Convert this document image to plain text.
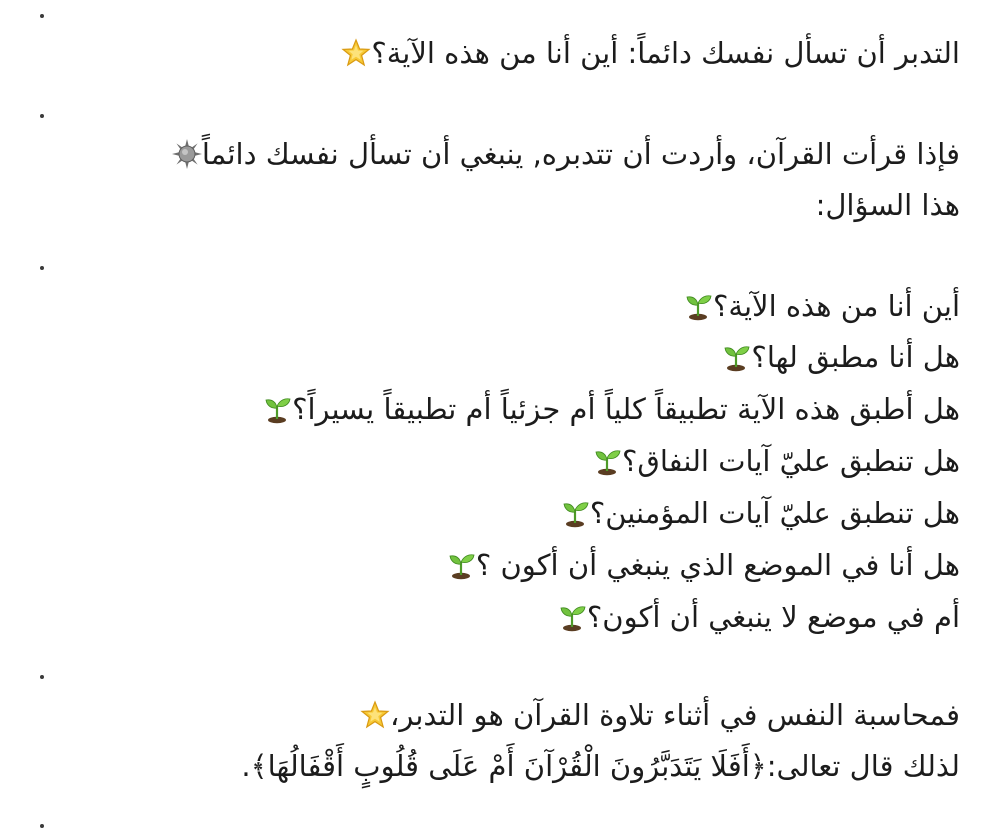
التدبر أن تسأل نفسك دائماً: أين أنا من هذه الآية؟
فإذا قرأت القرآن، وأردت أن تتدبره, ينبغي أن تسأل نفسك دائماً
هذا السؤال:
أين أنا من هذه الآية؟
هل أنا مطبق لها؟
هل أطبق هذه الآية تطبيقاً كلياً أم جزئياً أم تطبيقاً يسيراً؟
هل تنطبق عليّ آيات النفاق؟
هل تنطبق عليّ آيات المؤمنين؟
هل أنا في الموضع الذي ينبغي أن أكون ؟
أم في موضع لا ينبغي أن أكون؟
فمحاسبة النفس في أثناء تلاوة القرآن هو التدبر،
لذلك قال تعالى:﴿أَفَلَا يَتَدَبَّرُونَ الْقُرْآنَ أَمْ عَلَى قُلُوبٍ أَقْفَالُهَا﴾.
